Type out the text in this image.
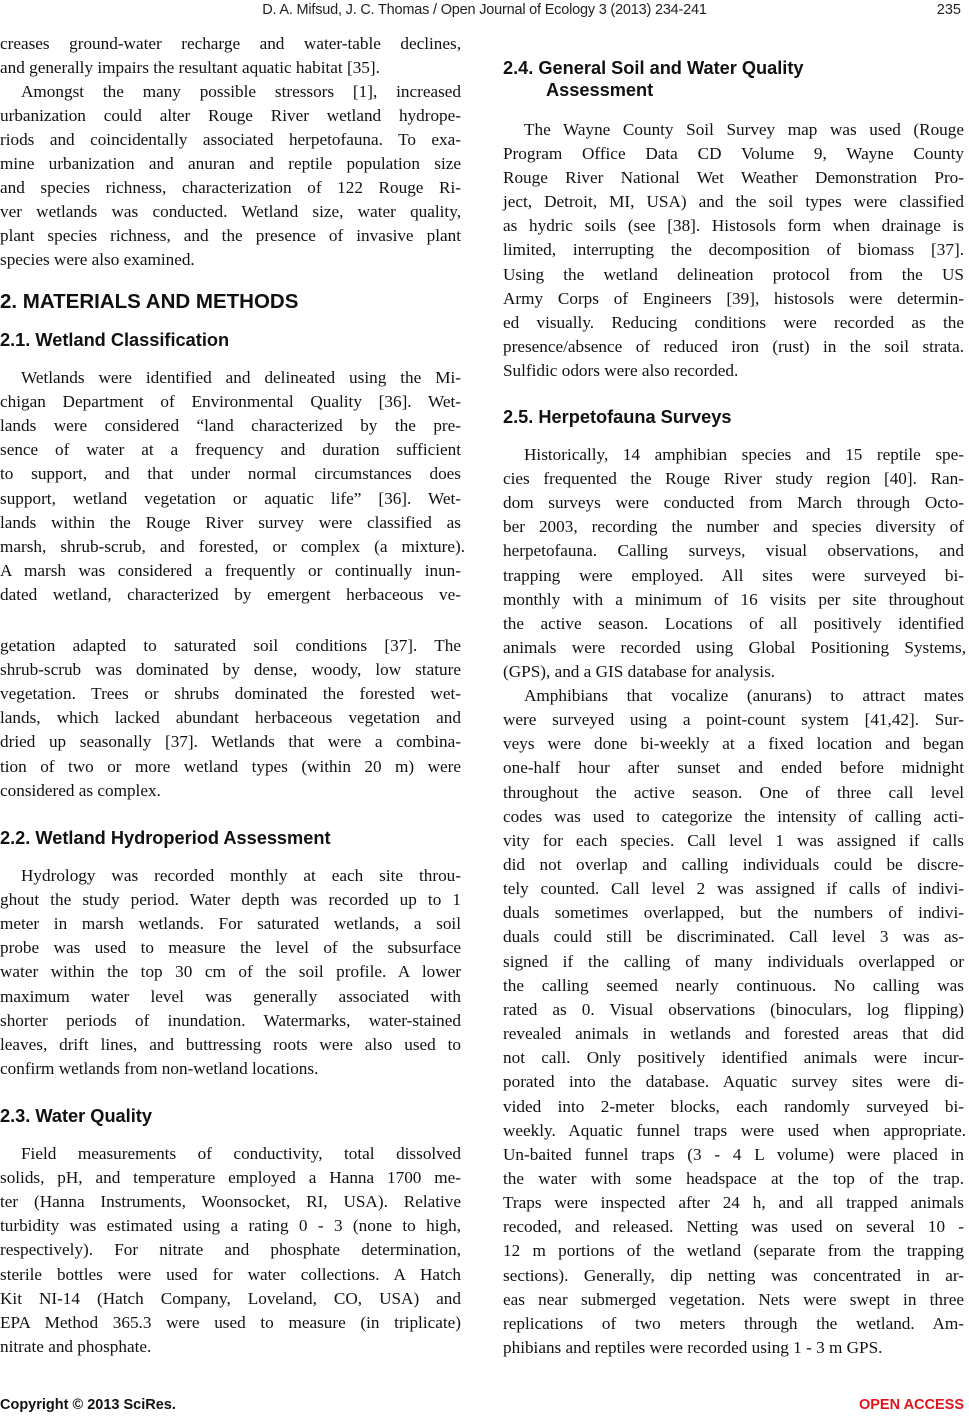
D. A. Mifsud, J. C. Thomas / Open Journal of Ecology 3 (2013) 234-241	235
creases ground-water recharge and water-table declines,
and generally impairs the resultant aquatic habitat [35].
Amongst the many possible stressors [1], increased
urbanization could alter Rouge River wetland hydrope-
riods and coincidentally associated herpetofauna. To exa-
mine urbanization and anuran and reptile population size
and species richness, characterization of 122 Rouge Ri-
ver wetlands was conducted. Wetland size, water quality,
plant species richness, and the presence of invasive plant
species were also examined.
2. MATERIALS AND METHODS
2.1. Wetland Classification
Wetlands were identified and delineated using the Mi-
chigan Department of Environmental Quality [36]. Wet-
lands were considered “land characterized by the pre-
sence of water at a frequency and duration sufficient
to support, and that under normal circumstances does
support, wetland vegetation or aquatic life” [36]. Wet-
lands within the Rouge River survey were classified as
marsh, shrub-scrub, and forested, or complex (a mixture).
A marsh was considered a frequently or continually inun-
dated wetland, characterized by emergent herbaceous ve-
getation adapted to saturated soil conditions [37]. The
shrub-scrub was dominated by dense, woody, low stature
vegetation. Trees or shrubs dominated the forested wet-
lands, which lacked abundant herbaceous vegetation and
dried up seasonally [37]. Wetlands that were a combina-
tion of two or more wetland types (within 20 m) were
considered as complex.
2.2. Wetland Hydroperiod Assessment
Hydrology was recorded monthly at each site throu-
ghout the study period. Water depth was recorded up to 1
meter in marsh wetlands. For saturated wetlands, a soil
probe was used to measure the level of the subsurface
water within the top 30 cm of the soil profile. A lower
maximum water level was generally associated with
shorter periods of inundation. Watermarks, water-stained
leaves, drift lines, and buttressing roots were also used to
confirm wetlands from non-wetland locations.
2.3. Water Quality
Field measurements of conductivity, total dissolved
solids, pH, and temperature employed a Hanna 1700 me-
ter (Hanna Instruments, Woonsocket, RI, USA). Relative
turbidity was estimated using a rating 0 - 3 (none to high,
respectively). For nitrate and phosphate determination,
sterile bottles were used for water collections. A Hatch
Kit NI-14 (Hatch Company, Loveland, CO, USA) and
EPA Method 365.3 were used to measure (in triplicate)
nitrate and phosphate.
2.4. General Soil and Water Quality
Assessment
The Wayne County Soil Survey map was used (Rouge
Program Office Data CD Volume 9, Wayne County
Rouge River National Wet Weather Demonstration Pro-
ject, Detroit, MI, USA) and the soil types were classified
as hydric soils (see [38]. Histosols form when drainage is
limited, interrupting the decomposition of biomass [37].
Using the wetland delineation protocol from the US
Army Corps of Engineers [39], histosols were determin-
ed visually. Reducing conditions were recorded as the
presence/absence of reduced iron (rust) in the soil strata.
Sulfidic odors were also recorded.
2.5. Herpetofauna Surveys
Historically, 14 amphibian species and 15 reptile spe-
cies frequented the Rouge River study region [40]. Ran-
dom surveys were conducted from March through Octo-
ber 2003, recording the number and species diversity of
herpetofauna. Calling surveys, visual observations, and
trapping were employed. All sites were surveyed bi-
monthly with a minimum of 16 visits per site throughout
the active season. Locations of all positively identified
animals were recorded using Global Positioning Systems,
(GPS), and a GIS database for analysis.
Amphibians that vocalize (anurans) to attract mates
were surveyed using a point-count system [41,42]. Sur-
veys were done bi-weekly at a fixed location and began
one-half hour after sunset and ended before midnight
throughout the active season. One of three call level
codes was used to categorize the intensity of calling acti-
vity for each species. Call level 1 was assigned if calls
did not overlap and calling individuals could be discre-
tely counted. Call level 2 was assigned if calls of indivi-
duals sometimes overlapped, but the numbers of indivi-
duals could still be discriminated. Call level 3 was as-
signed if the calling of many individuals overlapped or
the calling seemed nearly continuous. No calling was
rated as 0. Visual observations (binoculars, log flipping)
revealed animals in wetlands and forested areas that did
not call. Only positively identified animals were incur-
porated into the database. Aquatic survey sites were di-
vided into 2-meter blocks, each randomly surveyed bi-
weekly. Aquatic funnel traps were used when appropriate.
Un-baited funnel traps (3 - 4 L volume) were placed in
the water with some headspace at the top of the trap.
Traps were inspected after 24 h, and all trapped animals
recoded, and released. Netting was used on several 10 -
12 m portions of the wetland (separate from the trapping
sections). Generally, dip netting was concentrated in ar-
eas near submerged vegetation. Nets were swept in three
replications of two meters through the wetland. Am-
phibians and reptiles were recorded using 1 - 3 m GPS.
Copyright © 2013 SciRes.	OPEN ACCESS
